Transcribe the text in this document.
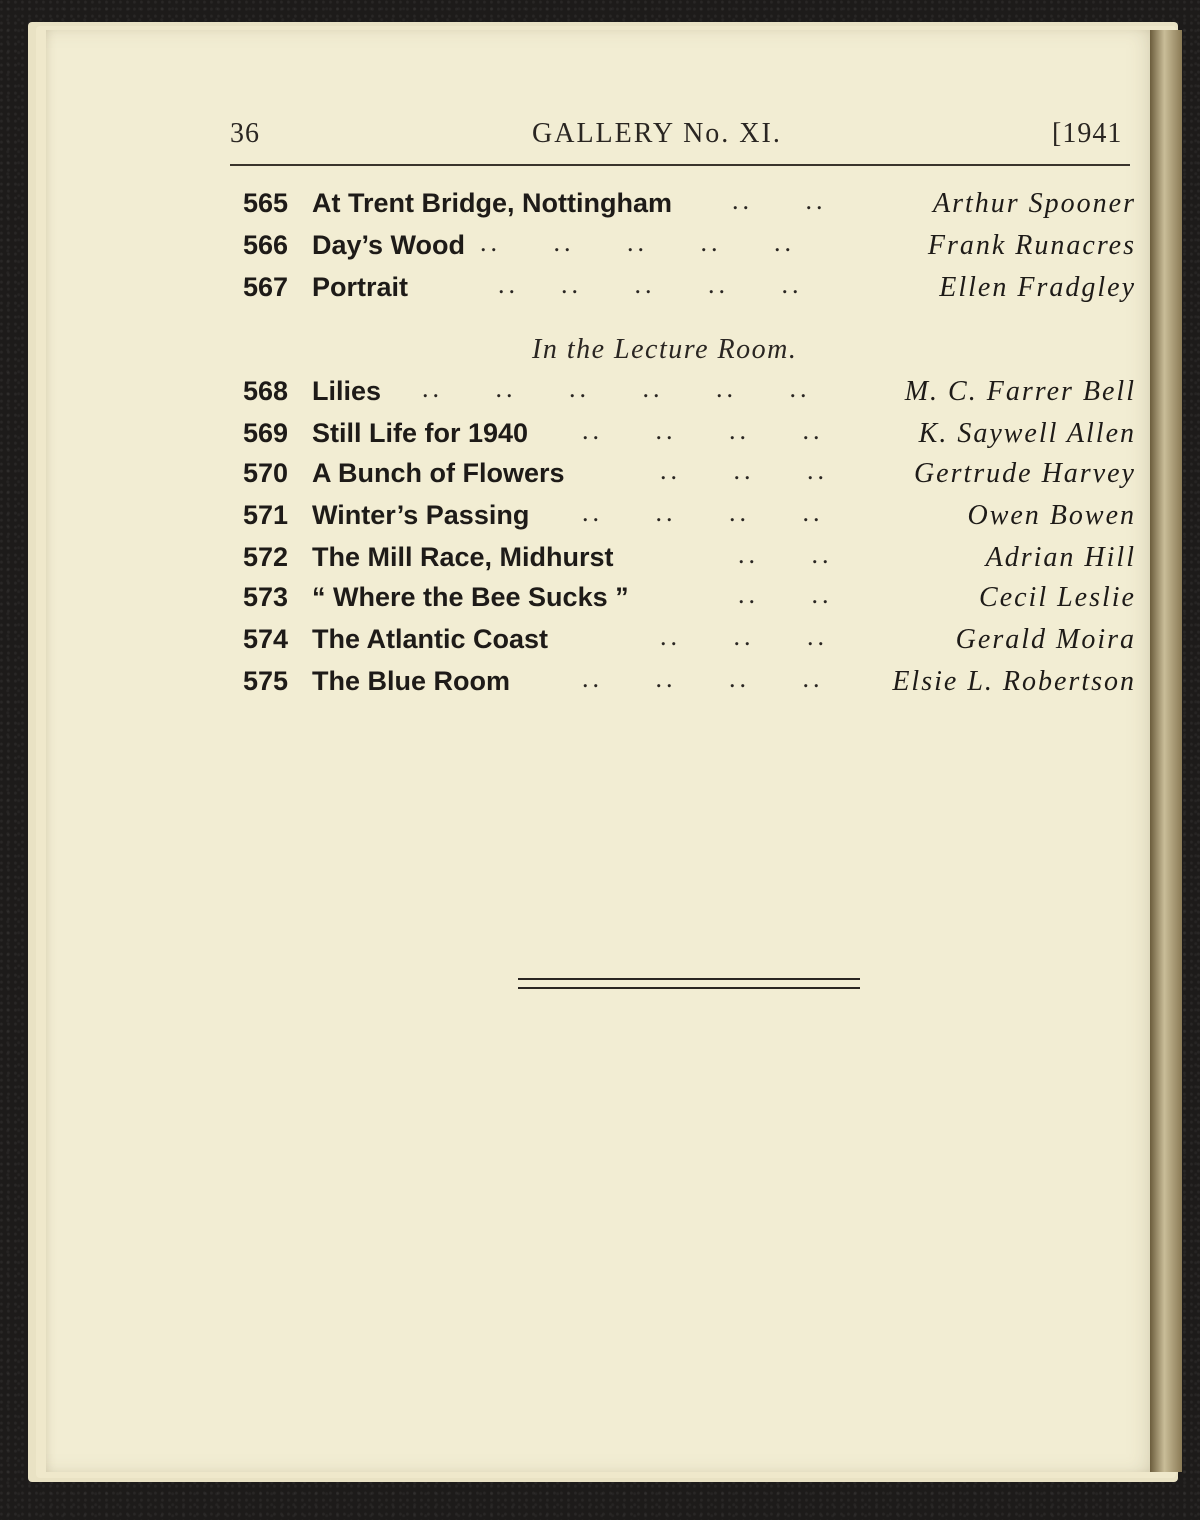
36	GALLERY No. XI.	[1941
565 At Trent Bridge, Nottingham ..     ..	Arthur Spooner
566 Day’s Wood ..     ..     ..     ..     ..	Frank Runacres
567 Portrait	..    ..     ..     ..     ..	Ellen Fradgley
In the Lecture Room.
568 Lilies ..     ..     ..     ..     ..     ..	M. C. Farrer Bell
569 Still Life for 1940 ..     ..     ..     ..	K. Saywell Allen
570 A Bunch of Flowers	..     ..     ..	Gertrude Harvey
571 Winter’s Passing ..     ..     ..     ..	Owen Bowen
572 The Mill Race, Midhurst	..     ..	Adrian Hill
573 “ Where the Bee Sucks ”	..     ..	Cecil Leslie
574 The Atlantic Coast	..     ..     ..	Gerald Moira
575 The Blue Room	..     ..     ..     .. Elsie L. Robertson
